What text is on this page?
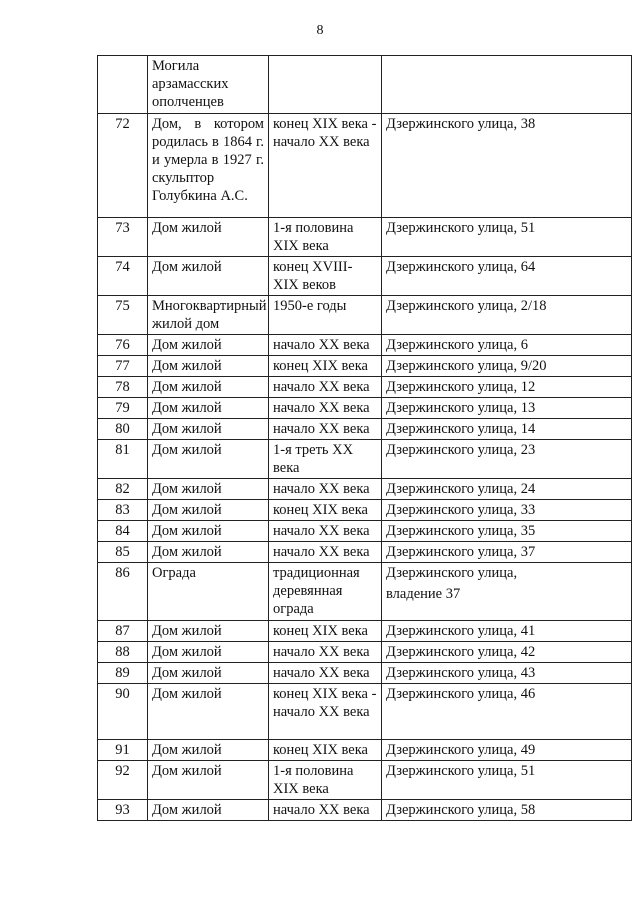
8
	Могила арзамасских ополченцев		
72	Дом, в котором родилась в 1864 г. и умерла в 1927 г. скульптор Голубкина А.С.	конец XIX века - начало XX века	Дзержинского улица, 38
73	Дом жилой	1-я половина XIX века	Дзержинского улица, 51
74	Дом жилой	конец XVIII-XIX веков	Дзержинского улица, 64
75	Многоквартирный жилой дом	1950-е годы	Дзержинского улица, 2/18
76	Дом жилой	начало XX века	Дзержинского улица, 6
77	Дом жилой	конец XIX века	Дзержинского улица, 9/20
78	Дом жилой	начало XX века	Дзержинского улица, 12
79	Дом жилой	начало XX века	Дзержинского улица, 13
80	Дом жилой	начало XX века	Дзержинского улица, 14
81	Дом жилой	1-я треть XX века	Дзержинского улица, 23
82	Дом жилой	начало XX века	Дзержинского улица, 24
83	Дом жилой	конец XIX века	Дзержинского улица, 33
84	Дом жилой	начало XX века	Дзержинского улица, 35
85	Дом жилой	начало XX века	Дзержинского улица, 37
86	Ограда	традиционная деревянная ограда	Дзержинского улица,
владение 37

87	Дом жилой	конец XIX века	Дзержинского улица, 41
88	Дом жилой	начало XX века	Дзержинского улица, 42
89	Дом жилой	начало XX века	Дзержинского улица, 43
90	Дом жилой	конец XIX века - начало XX века	Дзержинского улица, 46
91	Дом жилой	конец XIX века	Дзержинского улица, 49
92	Дом жилой	1-я половина XIX века	Дзержинского улица, 51
93	Дом жилой	начало XX века	Дзержинского улица, 58
